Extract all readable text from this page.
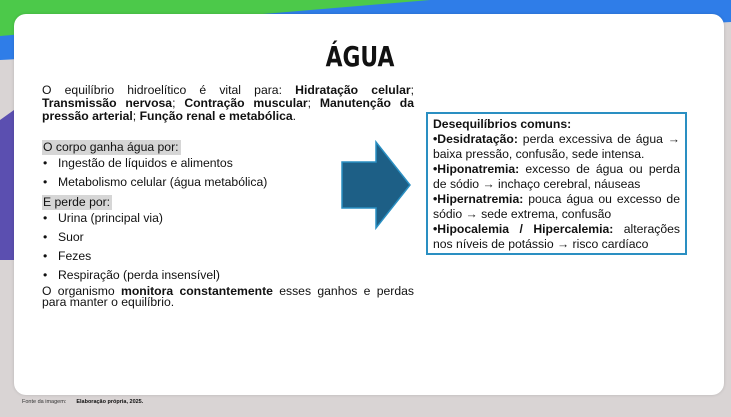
ÁGUA

O equilíbrio hidroelítico é vital para: Hidratação celular; Transmissão nervosa; Contração muscular; Manutenção da pressão arterial; Função renal e metabólica.

O corpo ganha água por:
• Ingestão de líquidos e alimentos
• Metabolismo celular (água metabólica)
E perde por:
• Urina (principal via)
• Suor
• Fezes
• Respiração (perda insensível)

O organismo monitora constantemente esses ganhos e perdas para manter o equilíbrio.

Desequilíbrios comuns:
•Desidratação: perda excessiva de água → baixa pressão, confusão, sede intensa.
•Hiponatremia: excesso de água ou perda de sódio → inchaço cerebral, náuseas
•Hipernatremia: pouca água ou excesso de sódio → sede extrema, confusão
•Hipocalemia / Hipercalemia: alterações nos níveis de potássio → risco cardíaco
Fonte da imagem: Elaboração própria, 2025.
